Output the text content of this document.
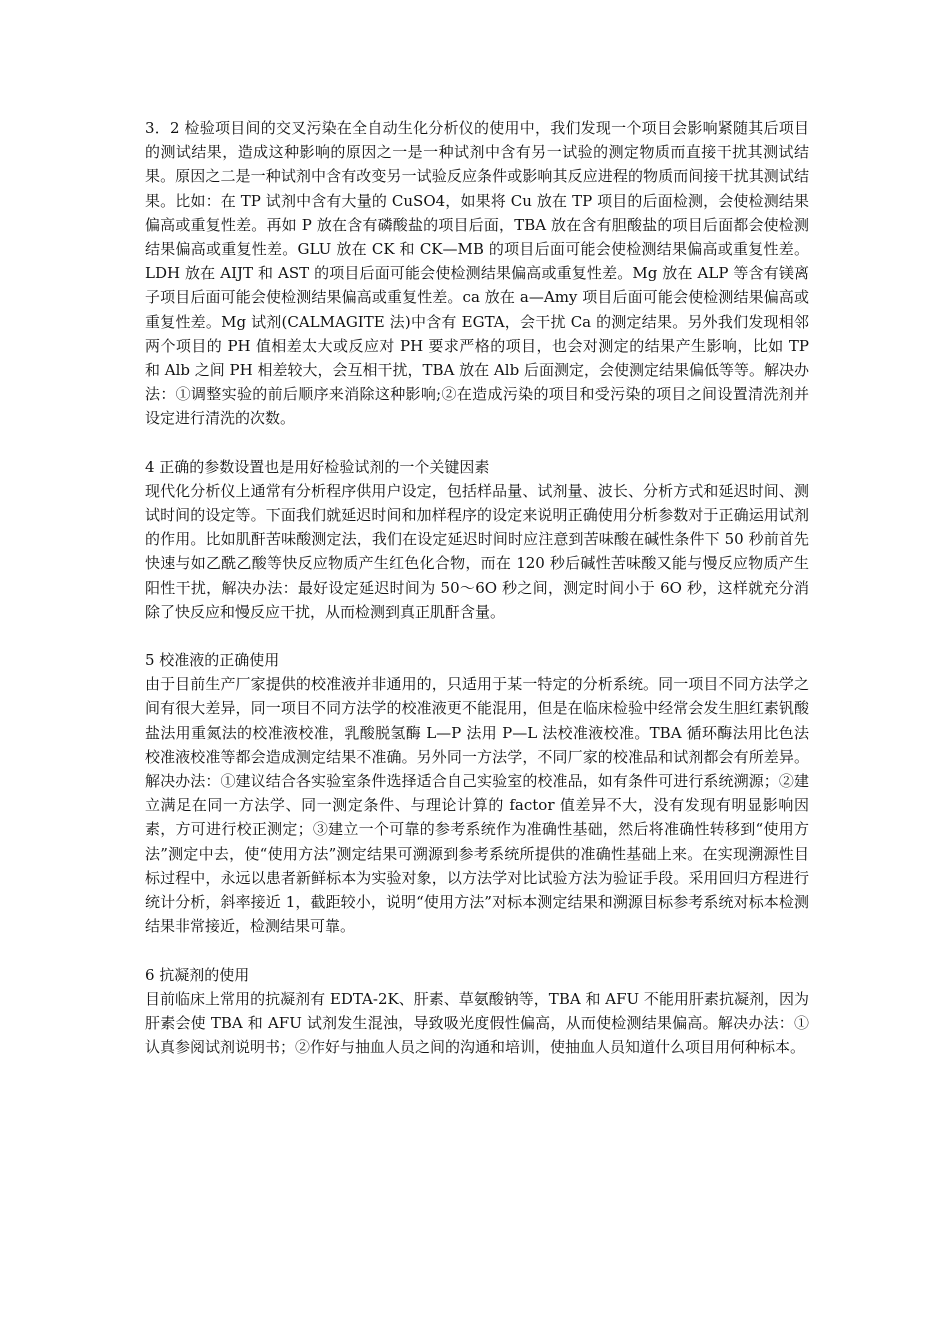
3．2 检验项目间的交叉污染在全自动生化分析仪的使用中，我们发现一个项目会影响紧随其后项目的测试结果，造成这种影响的原因之一是一种试剂中含有另一试验的测定物质而直接干扰其测试结果。原因之二是一种试剂中含有改变另一试验反应条件或影响其反应进程的物质而间接干扰其测试结果。比如：在 TP 试剂中含有大量的 CuSO4，如果将 Cu 放在 TP 项目的后面检测，会使检测结果偏高或重复性差。再如 P 放在含有磷酸盐的项目后面，TBA 放在含有胆酸盐的项目后面都会使检测结果偏高或重复性差。GLU 放在 CK 和 CK—MB 的项目后面可能会使检测结果偏高或重复性差。LDH 放在 AIJT 和 AST 的项目后面可能会使检测结果偏高或重复性差。Mg 放在 ALP 等含有镁离子项目后面可能会使检测结果偏高或重复性差。ca 放在 a—Amy 项目后面可能会使检测结果偏高或重复性差。Mg 试剂(CALMAGITE 法)中含有 EGTA，会干扰 Ca 的测定结果。另外我们发现相邻两个项目的 PH 值相差太大或反应对 PH 要求严格的项目，也会对测定的结果产生影响，比如 TP 和 Alb 之间 PH 相差较大，会互相干扰，TBA 放在 Alb 后面测定，会使测定结果偏低等等。解决办法：①调整实验的前后顺序来消除这种影响;②在造成污染的项目和受污染的项目之间设置清洗剂并设定进行清洗的次数。

4 正确的参数设置也是用好检验试剂的一个关键因素

现代化分析仪上通常有分析程序供用户设定，包括样品量、试剂量、波长、分析方式和延迟时间、测试时间的设定等。下面我们就延迟时间和加样程序的设定来说明正确使用分析参数对于正确运用试剂的作用。比如肌酐苦味酸测定法，我们在设定延迟时间时应注意到苦味酸在碱性条件下 50 秒前首先快速与如乙酰乙酸等快反应物质产生红色化合物，而在 120 秒后碱性苦味酸又能与慢反应物质产生阳性干扰，解决办法：最好设定延迟时间为 50～6O 秒之间，测定时间小于 6O 秒，这样就充分消除了快反应和慢反应干扰，从而检测到真正肌酐含量。

5 校准液的正确使用

由于目前生产厂家提供的校准液并非通用的，只适用于某一特定的分析系统。同一项目不同方法学之间有很大差异，同一项目不同方法学的校准液更不能混用，但是在临床检验中经常会发生胆红素钒酸盐法用重氮法的校准液校准，乳酸脱氢酶 L—P 法用 P—L 法校准液校准。TBA 循环酶法用比色法校准液校准等都会造成测定结果不准确。另外同一方法学，不同厂家的校准品和试剂都会有所差异。解决办法：①建议结合各实验室条件选择适合自己实验室的校准品，如有条件可进行系统溯源；②建立满足在同一方法学、同一测定条件、与理论计算的 factor 值差异不大，没有发现有明显影响因素，方可进行校正测定；③建立一个可靠的参考系统作为准确性基础，然后将准确性转移到“使用方法”测定中去，使“使用方法”测定结果可溯源到参考系统所提供的准确性基础上来。在实现溯源性目标过程中，永远以患者新鲜标本为实验对象，以方法学对比试验方法为验证手段。采用回归方程进行统计分析，斜率接近 1，截距较小，说明“使用方法”对标本测定结果和溯源目标参考系统对标本检测结果非常接近，检测结果可靠。

6 抗凝剂的使用

目前临床上常用的抗凝剂有 EDTA-2K、肝素、草氨酸钠等，TBA 和 AFU 不能用肝素抗凝剂，因为肝素会使 TBA 和 AFU 试剂发生混浊，导致吸光度假性偏高，从而使检测结果偏高。解决办法：①认真参阅试剂说明书；②作好与抽血人员之间的沟通和培训，使抽血人员知道什么项目用何种标本。
